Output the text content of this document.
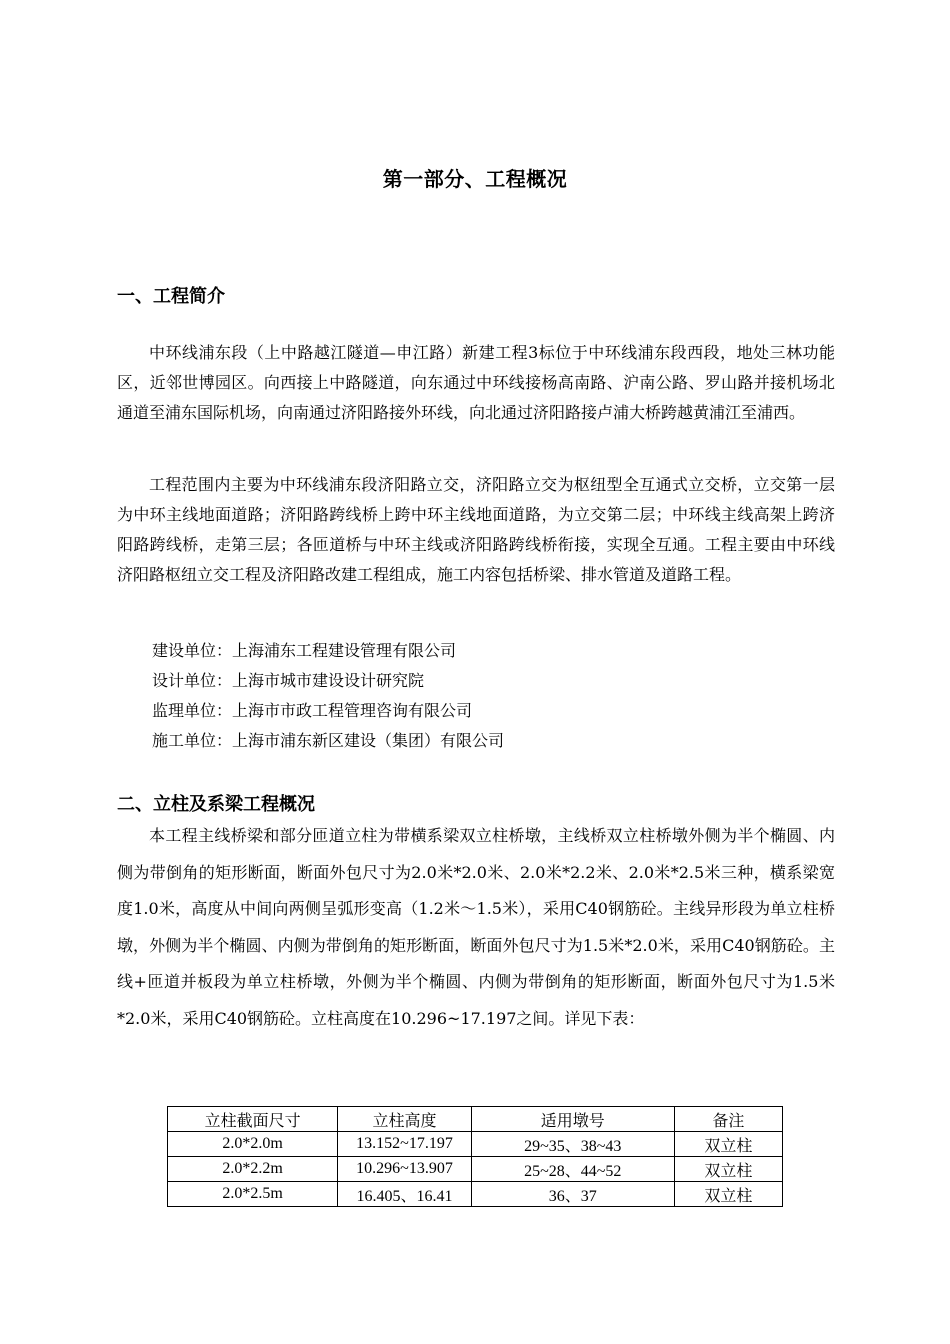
第一部分、工程概况
一、工程简介
中环线浦东段（上中路越江隧道—申江路）新建工程3标位于中环线浦东段西段，地处三林功能区，近邻世博园区。向西接上中路隧道，向东通过中环线接杨高南路、沪南公路、罗山路并接机场北通道至浦东国际机场，向南通过济阳路接外环线，向北通过济阳路接卢浦大桥跨越黄浦江至浦西。
工程范围内主要为中环线浦东段济阳路立交，济阳路立交为枢纽型全互通式立交桥，立交第一层为中环主线地面道路；济阳路跨线桥上跨中环主线地面道路，为立交第二层；中环线主线高架上跨济阳路跨线桥，走第三层；各匝道桥与中环主线或济阳路跨线桥衔接，实现全互通。工程主要由中环线济阳路枢纽立交工程及济阳路改建工程组成，施工内容包括桥梁、排水管道及道路工程。
建设单位：上海浦东工程建设管理有限公司
设计单位：上海市城市建设设计研究院
监理单位：上海市市政工程管理咨询有限公司
施工单位：上海市浦东新区建设（集团）有限公司
二、立柱及系梁工程概况
本工程主线桥梁和部分匝道立柱为带横系梁双立柱桥墩，主线桥双立柱桥墩外侧为半个椭圆、内侧为带倒角的矩形断面，断面外包尺寸为2.0米*2.0米、2.0米*2.2米、2.0米*2.5米三种，横系梁宽度1.0米，高度从中间向两侧呈弧形变高（1.2米～1.5米），采用C40钢筋砼。主线异形段为单立柱桥墩，外侧为半个椭圆、内侧为带倒角的矩形断面，断面外包尺寸为1.5米*2.0米，采用C40钢筋砼。主线+匝道并板段为单立柱桥墩，外侧为半个椭圆、内侧为带倒角的矩形断面，断面外包尺寸为1.5米*2.0米，采用C40钢筋砼。立柱高度在10.296~17.197之间。详见下表：
立柱截面尺寸	立柱高度	适用墩号	备注
2.0*2.0m	13.152~17.197	29~35、38~43	双立柱
2.0*2.2m	10.296~13.907	25~28、44~52	双立柱
2.0*2.5m	16.405、16.41	36、37	双立柱
